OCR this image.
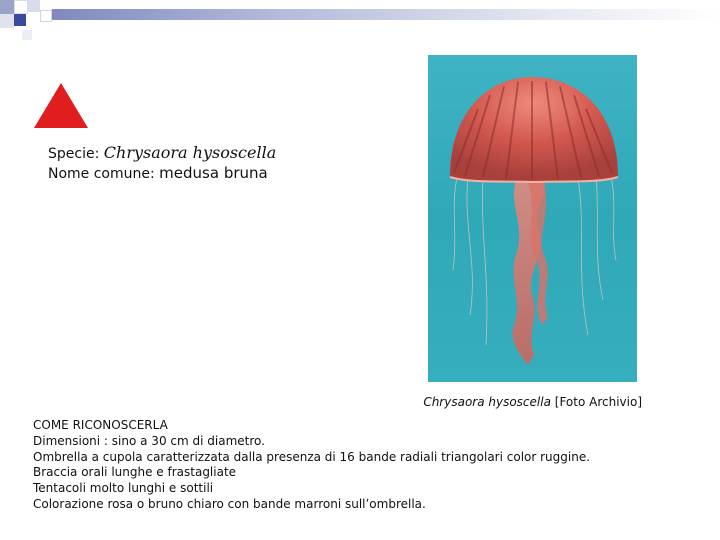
Specie: Chrysaora hysoscella
Nome comune: medusa bruna
Chrysaora hysoscella [Foto Archivio]
COME RICONOSCERLA
Dimensioni : sino a 30 cm di diametro.
Ombrella a cupola caratterizzata dalla presenza di 16 bande radiali triangolari color ruggine.
Braccia orali lunghe e frastagliate
Tentacoli molto lunghi e sottili
Colorazione rosa o bruno chiaro con bande marroni sull’ombrella.
